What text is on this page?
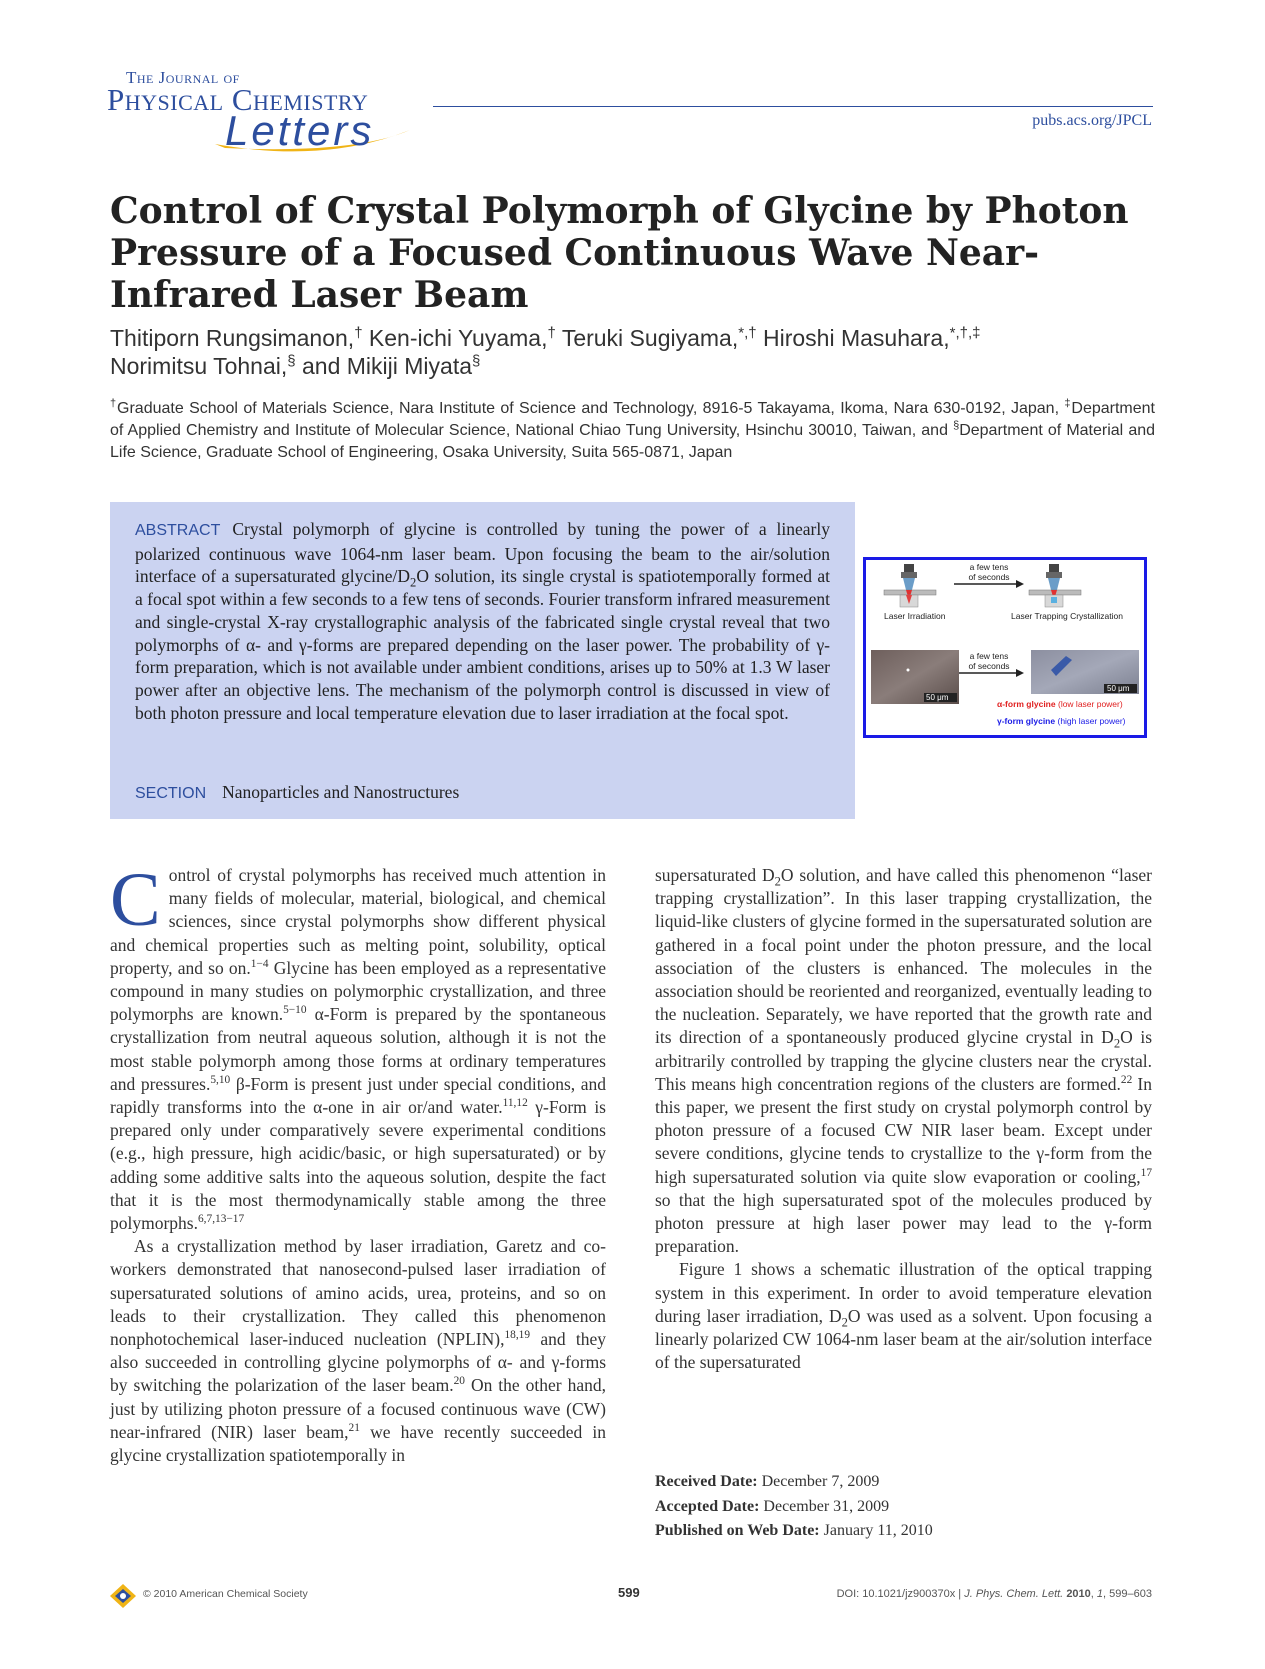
The Journal of
Physical Chemistry
Letters	pubs.acs.org/JPCL
Control of Crystal Polymorph of Glycine by Photon Pressure of a Focused Continuous Wave Near-Infrared Laser Beam
Thitiporn Rungsimanon,† Ken-ichi Yuyama,† Teruki Sugiyama,*,† Hiroshi Masuhara,*,†,‡
Norimitsu Tohnai,§ and Mikiji Miyata§
†Graduate School of Materials Science, Nara Institute of Science and Technology, 8916-5 Takayama, Ikoma, Nara 630-0192, Japan, ‡Department of Applied Chemistry and Institute of Molecular Science, National Chiao Tung University, Hsinchu 30010, Taiwan, and §Department of Material and Life Science, Graduate School of Engineering, Osaka University, Suita 565-0871, Japan
ABSTRACT Crystal polymorph of glycine is controlled by tuning the power of a linearly polarized continuous wave 1064-nm laser beam. Upon focusing the beam to the air/solution interface of a supersaturated glycine/$D_2O$ solution, its single crystal is spatiotemporally formed at a focal spot within a few seconds to a few tens of seconds. Fourier transform infrared measurement and single-crystal X-ray crystallographic analysis of the fabricated single crystal reveal that two polymorphs of α- and γ-forms are prepared depending on the laser power. The probability of γ-form preparation, which is not available under ambient conditions, arises up to 50% at 1.3 W laser power after an objective lens. The mechanism of the polymorph control is discussed in view of both photon pressure and local temperature elevation due to laser irradiation at the focal spot.
SECTION Nanoparticles and Nanostructures
a few tens
of seconds
a few tens
of seconds
Laser Irradiation	Laser Trapping Crystallization
50 μm
50 μm
α-form glycine (low laser power)
γ-form glycine (high laser power)

Control of crystal polymorphs has received much attention in many fields of molecular, material, biological, and chemical sciences, since crystal polymorphs show different physical and chemical properties such as melting point, solubility, optical property, and so on.$^{1-4}$ Glycine has been employed as a representative compound in many studies on polymorphic crystallization, and three polymorphs are known.$^{5-10}$ α-Form is prepared by the spontaneous crystallization from neutral aqueous solution, although it is not the most stable polymorph among those forms at ordinary temperatures and pressures.$^{5,10}$ β-Form is present just under special conditions, and rapidly transforms into the α-one in air or/and water.$^{11,12}$ γ-Form is prepared only under comparatively severe experimental conditions (e.g., high pressure, high acidic/basic, or high supersaturated) or by adding some additive salts into the aqueous solution, despite the fact that it is the most thermodynamically stable among the three polymorphs.$^{6,7,13-17}$

As a crystallization method by laser irradiation, Garetz and co-workers demonstrated that nanosecond-pulsed laser irradiation of supersaturated solutions of amino acids, urea, proteins, and so on leads to their crystallization. They called this phenomenon nonphotochemical laser-induced nucleation (NPLIN),$^{18,19}$ and they also succeeded in controlling glycine polymorphs of α- and γ-forms by switching the polarization of the laser beam.$^{20}$ On the other hand, just by utilizing photon pressure of a focused continuous wave (CW) near-infrared (NIR) laser beam,$^{21}$ we have recently succeeded in glycine crystallization spatiotemporally in

supersaturated $D_2O$ solution, and have called this phenomenon “laser trapping crystallization”. In this laser trapping crystallization, the liquid-like clusters of glycine formed in the supersaturated solution are gathered in a focal point under the photon pressure, and the local association of the clusters is enhanced. The molecules in the association should be reoriented and reorganized, eventually leading to the nucleation. Separately, we have reported that the growth rate and its direction of a spontaneously produced glycine crystal in $D_2O$ is arbitrarily controlled by trapping the glycine clusters near the crystal. This means high concentration regions of the clusters are formed.$^{22}$ In this paper, we present the first study on crystal polymorph control by photon pressure of a focused CW NIR laser beam. Except under severe conditions, glycine tends to crystallize to the γ-form from the high supersaturated solution via quite slow evaporation or cooling,$^{17}$ so that the high supersaturated spot of the molecules produced by photon pressure at high laser power may lead to the γ-form preparation.

Figure 1 shows a schematic illustration of the optical trapping system in this experiment. In order to avoid temperature elevation during laser irradiation, $D_2O$ was used as a solvent. Upon focusing a linearly polarized CW 1064-nm laser beam at the air/solution interface of the supersaturated

Received Date: December 7, 2009
Accepted Date: December 31, 2009
Published on Web Date: January 11, 2010
© 2010 American Chemical Society	599	DOI: 10.1021/jz900370x | J. Phys. Chem. Lett. 2010, 1, 599–603
